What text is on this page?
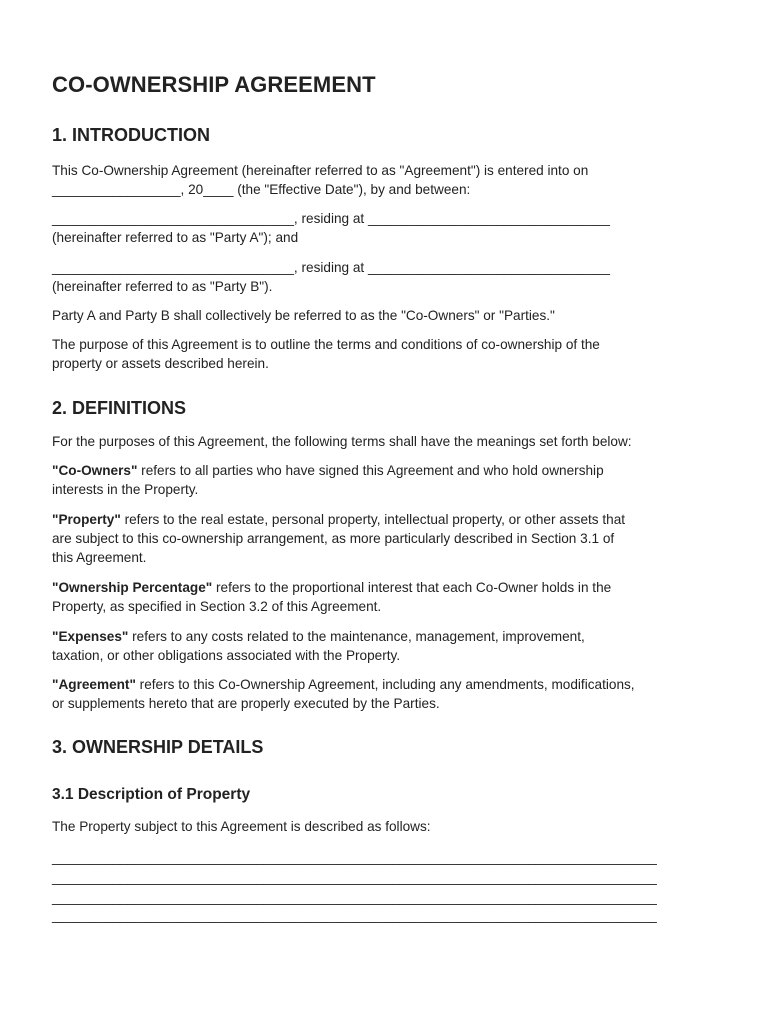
CO-OWNERSHIP AGREEMENT
1. INTRODUCTION
This Co-Ownership Agreement (hereinafter referred to as "Agreement") is entered into on
_________________, 20____ (the "Effective Date"), by and between:
________________________________, residing at ________________________________
(hereinafter referred to as "Party A"); and
________________________________, residing at ________________________________
(hereinafter referred to as "Party B").
Party A and Party B shall collectively be referred to as the "Co-Owners" or "Parties."
The purpose of this Agreement is to outline the terms and conditions of co-ownership of the
property or assets described herein.
2. DEFINITIONS
For the purposes of this Agreement, the following terms shall have the meanings set forth below:
"Co-Owners" refers to all parties who have signed this Agreement and who hold ownership
interests in the Property.
"Property" refers to the real estate, personal property, intellectual property, or other assets that
are subject to this co-ownership arrangement, as more particularly described in Section 3.1 of
this Agreement.
"Ownership Percentage" refers to the proportional interest that each Co-Owner holds in the
Property, as specified in Section 3.2 of this Agreement.
"Expenses" refers to any costs related to the maintenance, management, improvement,
taxation, or other obligations associated with the Property.
"Agreement" refers to this Co-Ownership Agreement, including any amendments, modifications,
or supplements hereto that are properly executed by the Parties.
3. OWNERSHIP DETAILS
3.1 Description of Property
The Property subject to this Agreement is described as follows:
________________________________________________________________________________
________________________________________________________________________________
________________________________________________________________________________
________________________________________________________________________________
